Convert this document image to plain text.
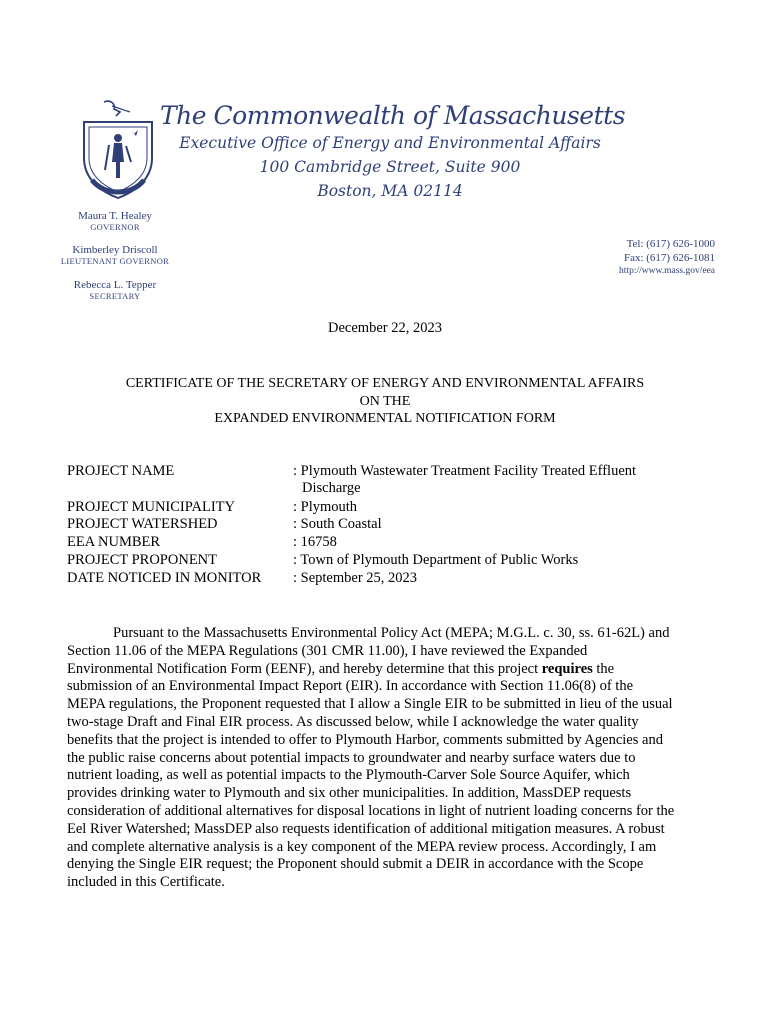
The Commonwealth of Massachusetts
Executive Office of Energy and Environmental Affairs
100 Cambridge Street, Suite 900
Boston, MA 02114
Maura T. Healey
GOVERNOR
Kimberley Driscoll
LIEUTENANT GOVERNOR
Rebecca L. Tepper
SECRETARY
Tel: (617) 626-1000
Fax: (617) 626-1081
http://www.mass.gov/eea
December 22, 2023
CERTIFICATE OF THE SECRETARY OF ENERGY AND ENVIRONMENTAL AFFAIRS
ON THE
EXPANDED ENVIRONMENTAL NOTIFICATION FORM
PROJECT NAME	: Plymouth Wastewater Treatment Facility Treated Effluent
Discharge
PROJECT MUNICIPALITY	: Plymouth
PROJECT WATERSHED	: South Coastal
EEA NUMBER	: 16758
PROJECT PROPONENT	: Town of Plymouth Department of Public Works
DATE NOTICED IN MONITOR : September 25, 2023
Pursuant to the Massachusetts Environmental Policy Act (MEPA; M.G.L. c. 30, ss. 61-62L) and
Section 11.06 of the MEPA Regulations (301 CMR 11.00), I have reviewed the Expanded
Environmental Notification Form (EENF), and hereby determine that this project requires the
submission of an Environmental Impact Report (EIR). In accordance with Section 11.06(8) of the
MEPA regulations, the Proponent requested that I allow a Single EIR to be submitted in lieu of the usual
two-stage Draft and Final EIR process. As discussed below, while I acknowledge the water quality
benefits that the project is intended to offer to Plymouth Harbor, comments submitted by Agencies and
the public raise concerns about potential impacts to groundwater and nearby surface waters due to
nutrient loading, as well as potential impacts to the Plymouth-Carver Sole Source Aquifer, which
provides drinking water to Plymouth and six other municipalities. In addition, MassDEP requests
consideration of additional alternatives for disposal locations in light of nutrient loading concerns for the
Eel River Watershed; MassDEP also requests identification of additional mitigation measures. A robust
and complete alternative analysis is a key component of the MEPA review process. Accordingly, I am
denying the Single EIR request; the Proponent should submit a DEIR in accordance with the Scope
included in this Certificate.
